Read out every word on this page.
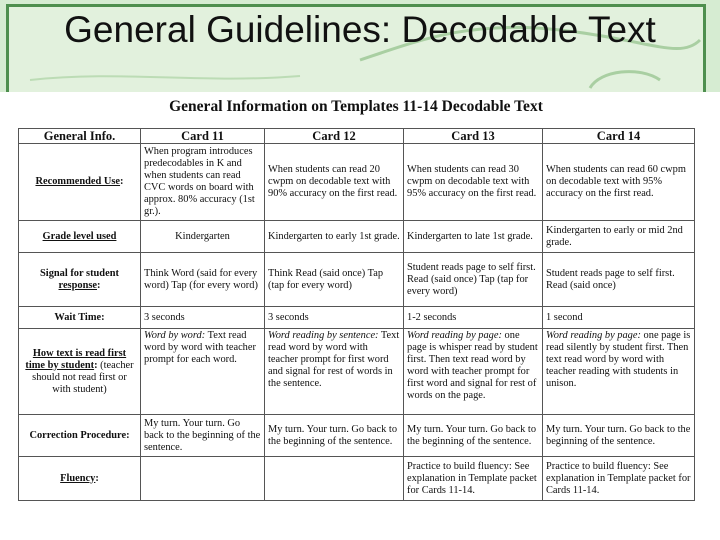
General Guidelines: Decodable Text
General Information on Templates 11-14 Decodable Text
General Info.	Card 11	Card 12	Card 13	Card 14
Recommended Use:	When program introduces predecodables in K and when students can read CVC words on board with approx. 80% accuracy (1st gr.).	When students can read 20 cwpm on decodable text with 90% accuracy on the first read.	When students can read 30 cwpm on decodable text with 95% accuracy on the first read.	When students can read 60 cwpm on decodable text with 95% accuracy on the first read.
Grade level used	Kindergarten	Kindergarten to early 1st grade.	Kindergarten to late 1st grade.	Kindergarten to early or mid 2nd grade.
Signal for student
response:	Think Word (said for every word) Tap (for every word)	Think Read (said once) Tap (tap for every word)	Student reads page to self first. Read (said once) Tap (tap for every word)	Student reads page to self first. Read (said once)
Wait Time:	3 seconds	3 seconds	1-2 seconds	1 second
How text is read first
time by student: (teacher should not read first or with student)	Word by word: Text read word by word with teacher prompt for each word.	Word reading by sentence: Text read word by word with teacher prompt for first word and signal for rest of words in the sentence.	Word reading by page: one page is whisper read by student first. Then text read word by word with teacher prompt for first word and signal for rest of words on the page.	Word reading by page: one page is read silently by student first. Then text read word by word with teacher reading with students in unison.
Correction Procedure:	My turn. Your turn. Go back to the beginning of the sentence.	My turn. Your turn. Go back to the beginning of the sentence.	My turn. Your turn. Go back to the beginning of the sentence.	My turn. Your turn. Go back to the beginning of the sentence.
Fluency:			Practice to build fluency: See explanation in Template packet for Cards 11-14.	Practice to build fluency: See explanation in Template packet for Cards 11-14.
